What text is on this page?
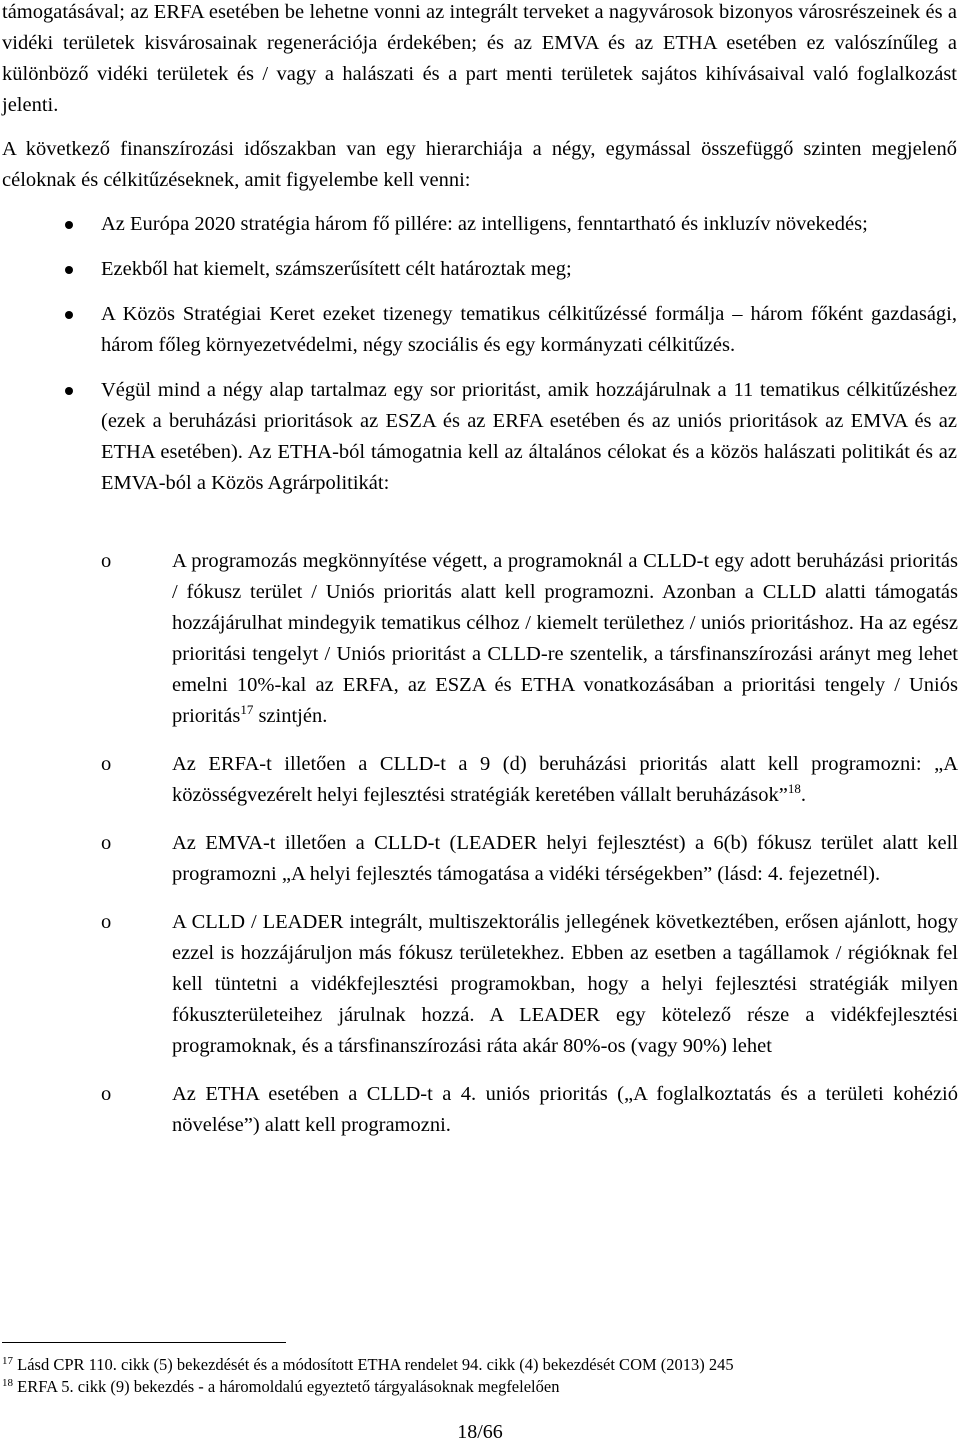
támogatásával; az ERFA esetében be lehetne vonni az integrált terveket a nagyvárosok bizonyos városrészeinek és a vidéki területek kisvárosainak regenerációja érdekében; és az EMVA és az ETHA esetében ez valószínűleg a különböző vidéki területek és / vagy a halászati és a part menti területek sajátos kihívásaival való foglalkozást jelenti.

A következő finanszírozási időszakban van egy hierarchiája a négy, egymással összefüggő szinten megjelenő céloknak és célkitűzéseknek, amit figyelembe kell venni:

Az Európa 2020 stratégia három fő pillére: az intelligens, fenntartható és inkluzív növekedés;
Ezekből hat kiemelt, számszerűsített célt határoztak meg;
A Közös Stratégiai Keret ezeket tizenegy tematikus célkitűzéssé formálja – három főként gazdasági, három főleg környezetvédelmi, négy szociális és egy kormányzati célkitűzés.
Végül mind a négy alap tartalmaz egy sor prioritást, amik hozzájárulnak a 11 tematikus célkitűzéshez (ezek a beruházási prioritások az ESZA és az ERFA esetében és az uniós prioritások az EMVA és az ETHA esetében). Az ETHA-ból támogatnia kell az általános célokat és a közös halászati politikát és az EMVA-ból a Közös Agrárpolitikát:
o	A programozás megkönnyítése végett, a programoknál a CLLD-t egy adott beruházási prioritás / fókusz terület / Uniós prioritás alatt kell programozni. Azonban a CLLD alatti támogatás hozzájárulhat mindegyik tematikus célhoz / kiemelt területhez / uniós prioritáshoz. Ha az egész prioritási tengelyt / Uniós prioritást a CLLD-re szentelik, a társfinanszírozási arányt meg lehet emelni 10%-kal az ERFA, az ESZA és ETHA vonatkozásában a prioritási tengely / Uniós prioritás$^{17}$ szintjén.
o	Az ERFA-t illetően a CLLD-t a 9 (d) beruházási prioritás alatt kell programozni: „A közösségvezérelt helyi fejlesztési stratégiák keretében vállalt beruházások”$^{18}$.
o	Az EMVA-t illetően a CLLD-t (LEADER helyi fejlesztést) a 6(b) fókusz terület alatt kell programozni „A helyi fejlesztés támogatása a vidéki térségekben” (lásd: 4. fejezetnél).
o	A CLLD / LEADER integrált, multiszektorális jellegének következtében, erősen ajánlott, hogy ezzel is hozzájáruljon más fókusz területekhez. Ebben az esetben a tagállamok / régióknak fel kell tüntetni a vidékfejlesztési programokban, hogy a helyi fejlesztési stratégiák milyen fókuszterületeihez járulnak hozzá. A LEADER egy kötelező része a vidékfejlesztési programoknak, és a társfinanszírozási ráta akár 80%-os (vagy 90%) lehet
o	Az ETHA esetében a CLLD-t a 4. uniós prioritás („A foglalkoztatás és a területi kohézió növelése”) alatt kell programozni.
$^{17}$ Lásd CPR 110. cikk (5) bekezdését és a módosított ETHA rendelet 94. cikk (4) bekezdését COM (2013) 245
$^{18}$ ERFA 5. cikk (9) bekezdés - a háromoldalú egyeztető tárgyalásoknak megfelelően
18/66
